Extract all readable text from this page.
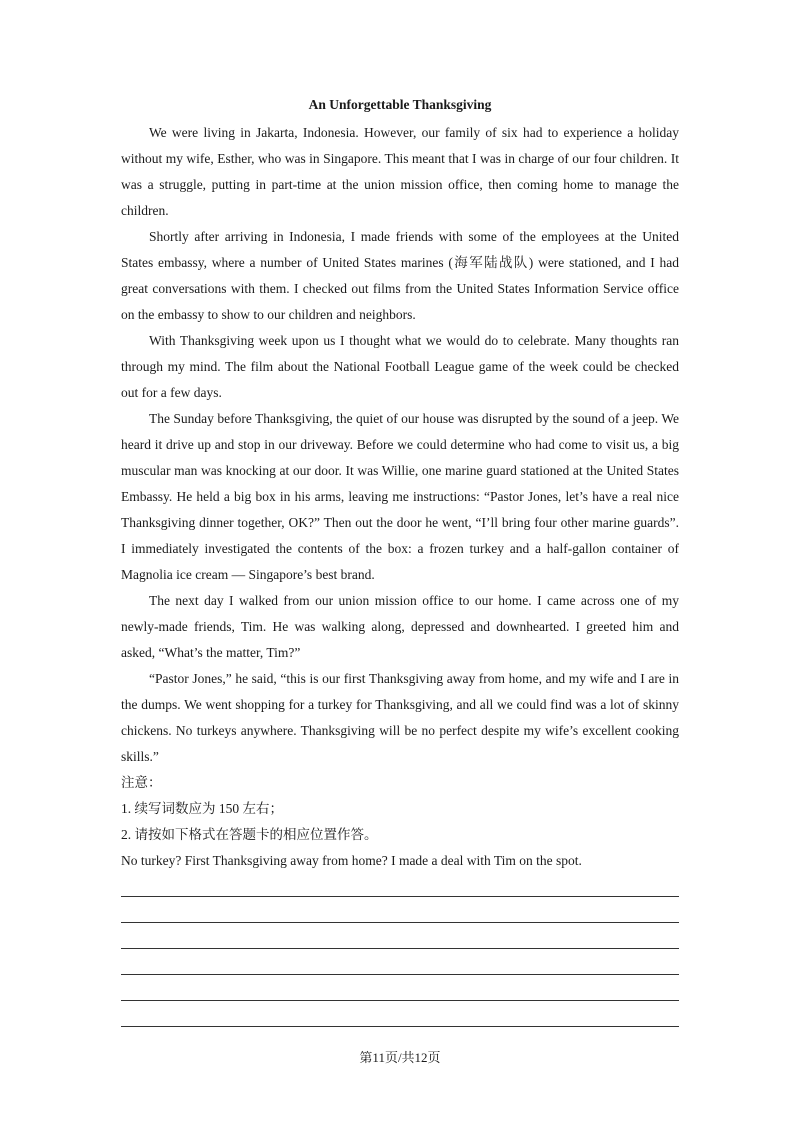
An Unforgettable Thanksgiving

We were living in Jakarta, Indonesia. However, our family of six had to experience a holiday without my wife, Esther, who was in Singapore. This meant that I was in charge of our four children. It was a struggle, putting in part-time at the union mission office, then coming home to manage the children.

Shortly after arriving in Indonesia, I made friends with some of the employees at the United States embassy, where a number of United States marines (海军陆战队) were stationed, and I had great conversations with them. I checked out films from the United States Information Service office on the embassy to show to our children and neighbors.

With Thanksgiving week upon us I thought what we would do to celebrate. Many thoughts ran through my mind. The film about the National Football League game of the week could be checked out for a few days.

The Sunday before Thanksgiving, the quiet of our house was disrupted by the sound of a jeep. We heard it drive up and stop in our driveway. Before we could determine who had come to visit us, a big muscular man was knocking at our door. It was Willie, one marine guard stationed at the United States Embassy. He held a big box in his arms, leaving me instructions: “Pastor Jones, let’s have a real nice Thanksgiving dinner together, OK?” Then out the door he went, “I’ll bring four other marine guards”. I immediately investigated the contents of the box: a frozen turkey and a half-gallon container of Magnolia ice cream — Singapore’s best brand.

The next day I walked from our union mission office to our home. I came across one of my newly-made friends, Tim. He was walking along, depressed and downhearted. I greeted him and asked, “What’s the matter, Tim?”

“Pastor Jones,” he said, “this is our first Thanksgiving away from home, and my wife and I are in the dumps. We went shopping for a turkey for Thanksgiving, and all we could find was a lot of skinny chickens. No turkeys anywhere. Thanksgiving will be no perfect despite my wife’s excellent cooking skills.”

注意：

1. 续写词数应为 150 左右；

2. 请按如下格式在答题卡的相应位置作答。

No turkey? First Thanksgiving away from home? I made a deal with Tim on the spot.

第11页/共12页
